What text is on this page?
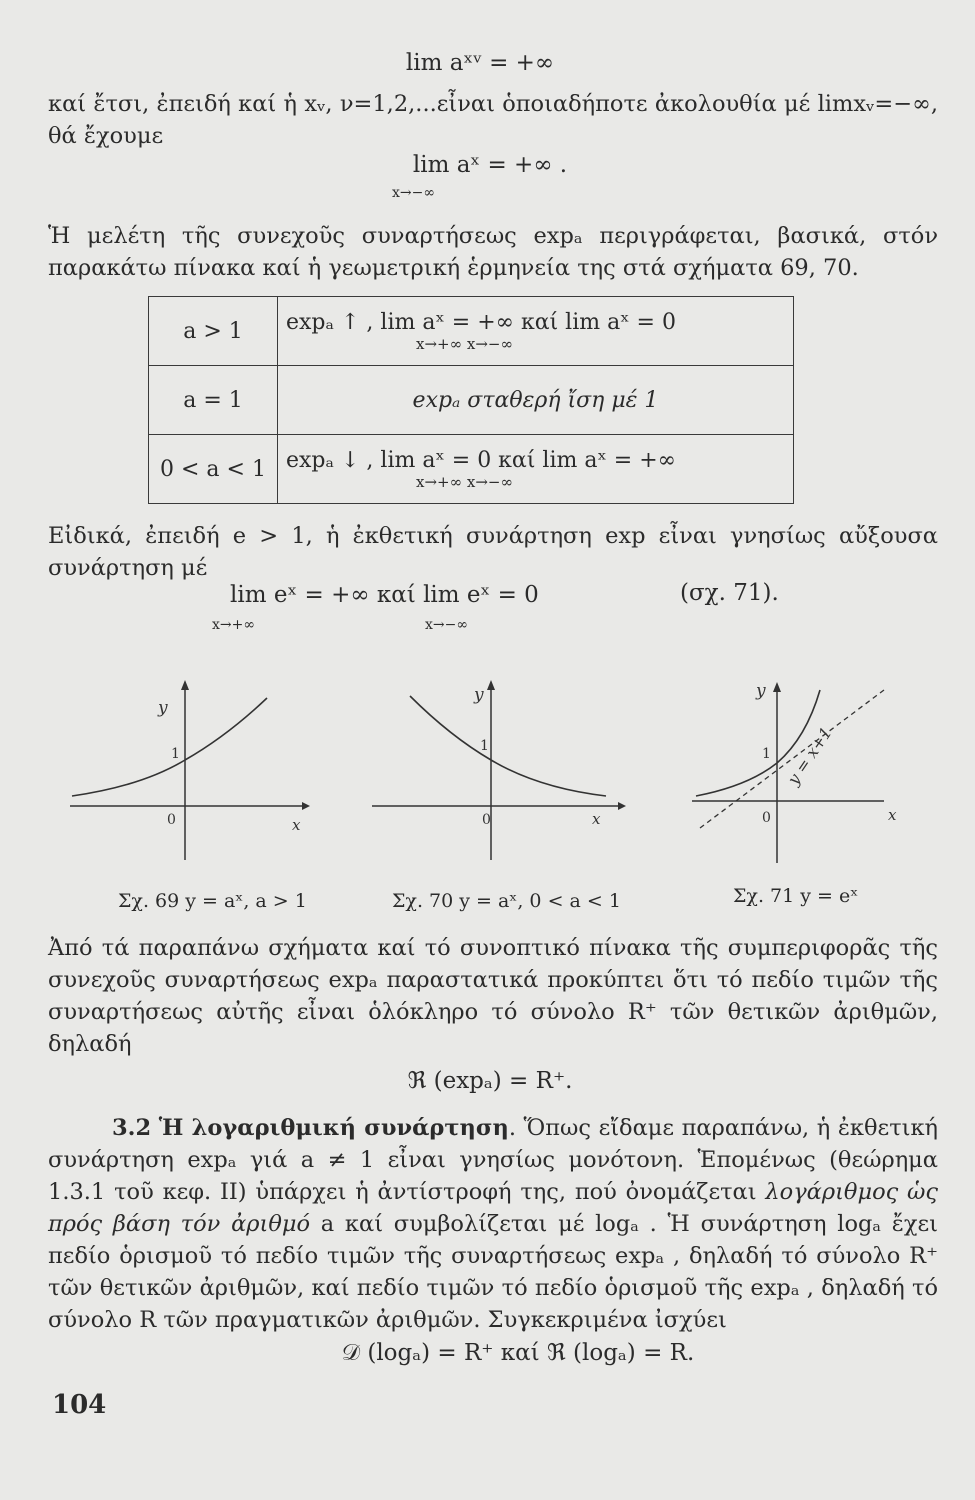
lim aˣᵛ = +∞
καί ἔτσι, ἐπειδή καί ἡ xᵥ, ν=1,2,...εἶναι ὁποιαδήποτε ἀκολουθία μέ limxᵥ=−∞, θά ἔχουμε
lim aˣ = +∞ .
x→−∞
Ἡ μελέτη τῆς συνεχοῦς συναρτήσεως expₐ περιγράφεται, βασικά, στόν παρακάτω πίνακα καί ἡ γεωμετρική ἑρμηνεία της στά σχήματα 69, 70.
a > 1	expₐ ↑ , lim aˣ = +∞ καί lim aˣ = 0
x→+∞ x→−∞

a = 1	expₐ σταθερή ἴση μέ 1
0 < a < 1	expₐ ↓ , lim aˣ = 0 καί lim aˣ = +∞
x→+∞ x→−∞
Εἰδικά, ἐπειδή e > 1, ἡ ἐκθετική συνάρτηση exp εἶναι γνησίως αὔξουσα συνάρτηση μέ
lim eˣ = +∞ καί lim eˣ = 0
x→+∞	x→−∞
(σχ. 71).
y
x
0
1
y
x
0
1
y
x
0
1 y = x+1
Σχ. 69 y = aˣ, a > 1	Σχ. 70 y = aˣ, 0 < a < 1	Σχ. 71 y = eˣ
Ἀπό τά παραπάνω σχήματα καί τό συνοπτικό πίνακα τῆς συμπεριφορᾶς τῆς συνεχοῦς συναρτήσεως expₐ παραστατικά προκύπτει ὅτι τό πεδίο τιμῶν τῆς συναρτήσεως αὐτῆς εἶναι ὁλόκληρο τό σύνολο R⁺ τῶν θετικῶν ἀριθμῶν, δηλαδή
ℜ (expₐ) = R⁺.
3.2 Ἡ λογαριθμική συνάρτηση. Ὅπως εἴδαμε παραπάνω, ἡ ἐκθετική συνάρτηση expₐ γιά a ≠ 1 εἶναι γνησίως μονότονη. Ἑπομένως (θεώρημα 1.3.1 τοῦ κεφ. II) ὑπάρχει ἡ ἀντίστροφή της, πού ὀνομάζεται λογάριθμος ὡς πρός βάση τόν ἀριθμό a καί συμβολίζεται μέ logₐ . Ἡ συνάρτηση logₐ ἔχει πεδίο ὁρισμοῦ τό πεδίο τιμῶν τῆς συναρτήσεως expₐ , δηλαδή τό σύνολο R⁺ τῶν θετικῶν ἀριθμῶν, καί πεδίο τιμῶν τό πεδίο ὁρισμοῦ τῆς expₐ , δηλαδή τό σύνολο R τῶν πραγματικῶν ἀριθμῶν. Συγκεκριμένα ἰσχύει
𝒟 (logₐ) = R⁺ καί ℜ (logₐ) = R.
104
